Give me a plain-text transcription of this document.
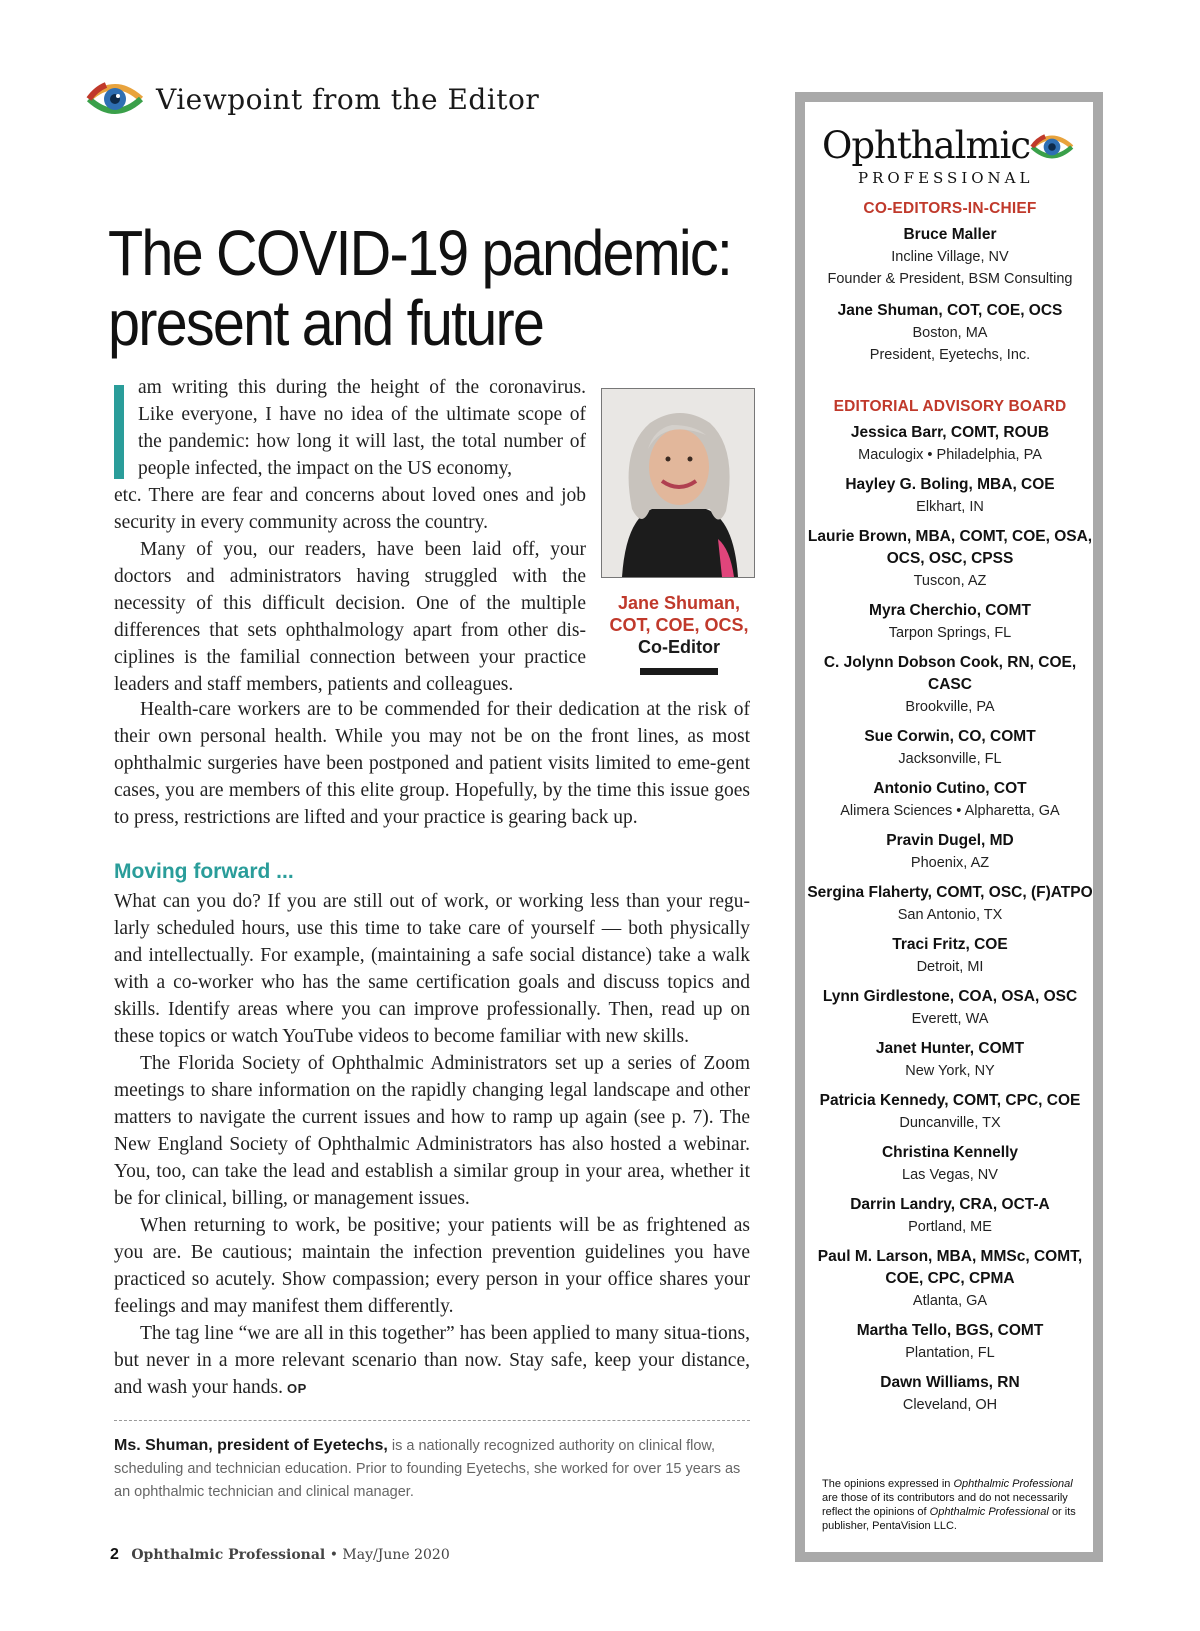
Viewpoint from the Editor
The COVID-19 pandemic:
present and future

am writing this during the height of the coronavirus. Like everyone, I have no idea of the ultimate scope of the pandemic: how long it will last, the total number of people infected, the impact on the US economy,

etc. There are fear and concerns about loved ones and job security in every community across the country.

Many of you, our readers, have been laid off, your doctors and administrators having struggled with the necessity of this difficult decision. One of the multiple differences that sets ophthalmology apart from other dis-ciplines is the familial connection between your practice leaders and staff members, patients and colleagues.

Jane Shuman,
COT, COE, OCS,
Co-Editor

Health-care workers are to be commended for their dedication at the risk of their own personal health. While you may not be on the front lines, as most ophthalmic surgeries have been postponed and patient visits limited to eme-gent cases, you are members of this elite group. Hopefully, by the time this issue goes to press, restrictions are lifted and your practice is gearing back up.

Moving forward ...

What can you do? If you are still out of work, or working less than your regu-larly scheduled hours, use this time to take care of yourself — both physically and intellectually. For example, (maintaining a safe social distance) take a walk with a co-worker who has the same certification goals and discuss topics and skills. Identify areas where you can improve professionally. Then, read up on these topics or watch YouTube videos to become familiar with new skills.

The Florida Society of Ophthalmic Administrators set up a series of Zoom meetings to share information on the rapidly changing legal landscape and other matters to navigate the current issues and how to ramp up again (see p. 7). The New England Society of Ophthalmic Administrators has also hosted a webinar. You, too, can take the lead and establish a similar group in your area, whether it be for clinical, billing, or management issues.

When returning to work, be positive; your patients will be as frightened as you are. Be cautious; maintain the infection prevention guidelines you have practiced so acutely. Show compassion; every person in your office shares your feelings and may manifest them differently.

The tag line “we are all in this together” has been applied to many situa-tions, but never in a more relevant scenario than now. Stay safe, keep your distance, and wash your hands. OP

Ms. Shuman, president of Eyetechs, is a nationally recognized authority on clinical flow, scheduling and technician education. Prior to founding Eyetechs, she worked for over 15 years as an ophthalmic technician and clinical manager.
2 Ophthalmic Professional • May/June 2020
Ophthalmic
PROFESSIONAL
CO-EDITORS-IN-CHIEF
Bruce Maller
Incline Village, NV
Founder & President, BSM Consulting
Jane Shuman, COT, COE, OCS
Boston, MA
President, Eyetechs, Inc.
EDITORIAL ADVISORY BOARD
Jessica Barr, COMT, ROUB
Maculogix • Philadelphia, PA
Hayley G. Boling, MBA, COE
Elkhart, IN
Laurie Brown, MBA, COMT, COE, OSA, OCS, OSC, CPSS
Tuscon, AZ
Myra Cherchio, COMT
Tarpon Springs, FL
C. Jolynn Dobson Cook, RN, COE, CASC
Brookville, PA
Sue Corwin, CO, COMT
Jacksonville, FL
Antonio Cutino, COT
Alimera Sciences • Alpharetta, GA
Pravin Dugel, MD
Phoenix, AZ
Sergina Flaherty, COMT, OSC, (F)ATPO
San Antonio, TX
Traci Fritz, COE
Detroit, MI
Lynn Girdlestone, COA, OSA, OSC
Everett, WA
Janet Hunter, COMT
New York, NY
Patricia Kennedy, COMT, CPC, COE
Duncanville, TX
Christina Kennelly
Las Vegas, NV
Darrin Landry, CRA, OCT-A
Portland, ME
Paul M. Larson, MBA, MMSc, COMT, COE, CPC, CPMA
Atlanta, GA
Martha Tello, BGS, COMT
Plantation, FL
Dawn Williams, RN
Cleveland, OH
The opinions expressed in Ophthalmic Professional are those of its contributors and do not necessarily reflect the opinions of Ophthalmic Professional or its publisher, PentaVision LLC.
